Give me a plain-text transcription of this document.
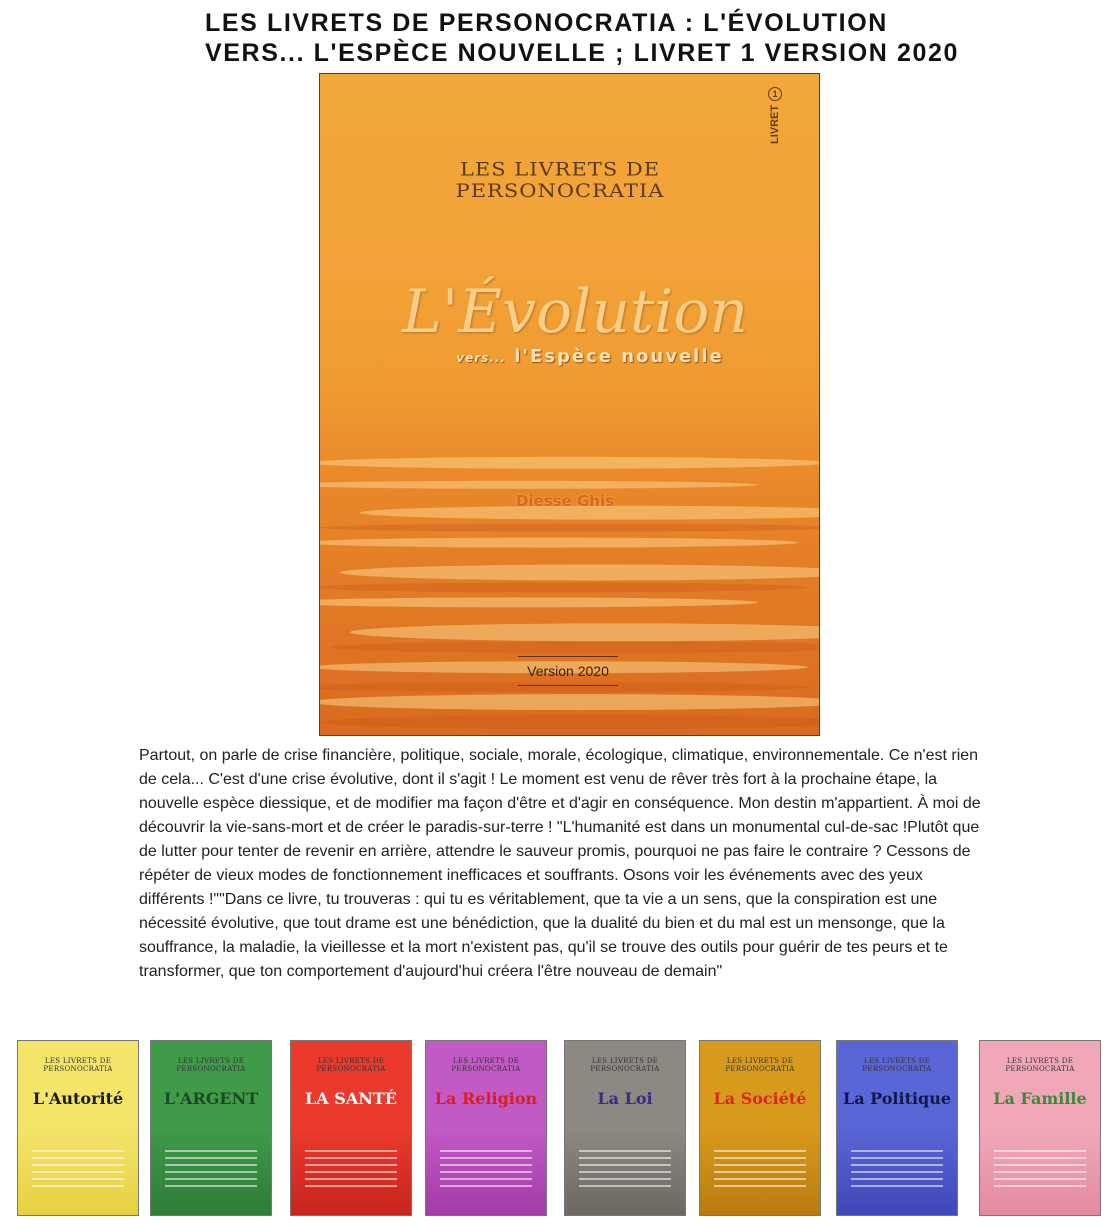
LES LIVRETS DE PERSONOCRATIA : L'ÉVOLUTION VERS... L'ESPÈCE NOUVELLE ; LIVRET 1 VERSION 2020
LES LIVRETS DE PERSONOCRATIA
LIVRET1
L'Évolution
vers... l'Espèce nouvelle
Diesse Ghis
Version 2020

Partout, on parle de crise financière, politique, sociale, morale, écologique, climatique, environnementale. Ce n'est rien de cela... C'est d'une crise évolutive, dont il s'agit ! Le moment est venu de rêver très fort à la prochaine étape, la nouvelle espèce diessique, et de modifier ma façon d'être et d'agir en conséquence. Mon destin m'appartient. À moi de découvrir la vie-sans-mort et de créer le paradis-sur-terre ! "L'humanité est dans un monumental cul-de-sac !Plutôt que de lutter pour tenter de revenir en arrière, attendre le sauveur promis, pourquoi ne pas faire le contraire ? Cessons de répéter de vieux modes de fonctionnement inefficaces et souffrants. Osons voir les événements avec des yeux différents !""Dans ce livre, tu trouveras : qui tu es véritablement, que ta vie a un sens, que la conspiration est une nécessité évolutive, que tout drame est une bénédiction, que la dualité du bien et du mal est un mensonge, que la souffrance, la maladie, la vieillesse et la mort n'existent pas, qu'il se trouve des outils pour guérir de tes peurs et te transformer, que ton comportement d'aujourd'hui créera l'être nouveau de demain"

LES LIVRETS DE PERSONOCRATIA
L'Autorité
LES LIVRETS DE PERSONOCRATIA
L'ARGENT
LES LIVRETS DE PERSONOCRATIA
LA SANTÉ
LES LIVRETS DE PERSONOCRATIA
La Religion
LES LIVRETS DE PERSONOCRATIA
La Loi
LES LIVRETS DE PERSONOCRATIA
La Société
LES LIVRETS DE PERSONOCRATIA
La Politique
LES LIVRETS DE PERSONOCRATIA
La Famille
